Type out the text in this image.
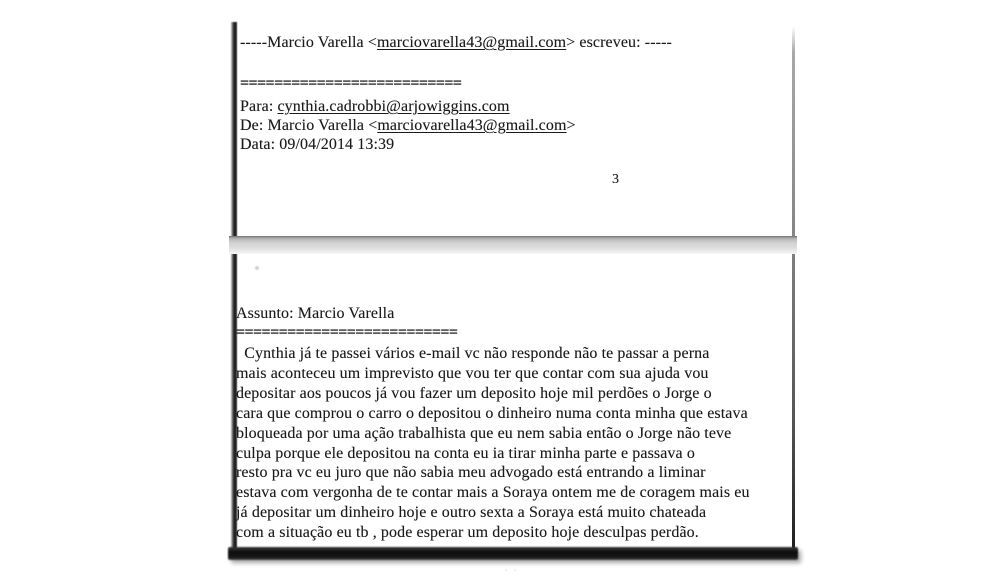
· ·
-----Marcio Varella <marciovarella43@gmail.com> escreveu: -----
==========================
Para: cynthia.cadrobbi@arjowiggins.com
De: Marcio Varella <marciovarella43@gmail.com>
Data: 09/04/2014 13:39
3
Assunto: Marcio Varella
==========================
Cynthia já te passei vários e-mail vc não responde não te passar a perna
mais aconteceu um imprevisto que vou ter que contar com sua ajuda vou
depositar aos poucos já vou fazer um deposito hoje mil perdões o Jorge o
cara que comprou o carro o depositou o dinheiro numa conta minha que estava
bloqueada por uma ação trabalhista que eu nem sabia então o Jorge não teve
culpa porque ele depositou na conta eu ia tirar minha parte e passava o
resto pra vc eu juro que não sabia meu advogado está entrando a liminar
estava com vergonha de te contar mais a Soraya ontem me de coragem mais eu
já depositar um dinheiro hoje e outro sexta a Soraya está muito chateada
com a situação eu tb , pode esperar um deposito hoje desculpas perdão.
